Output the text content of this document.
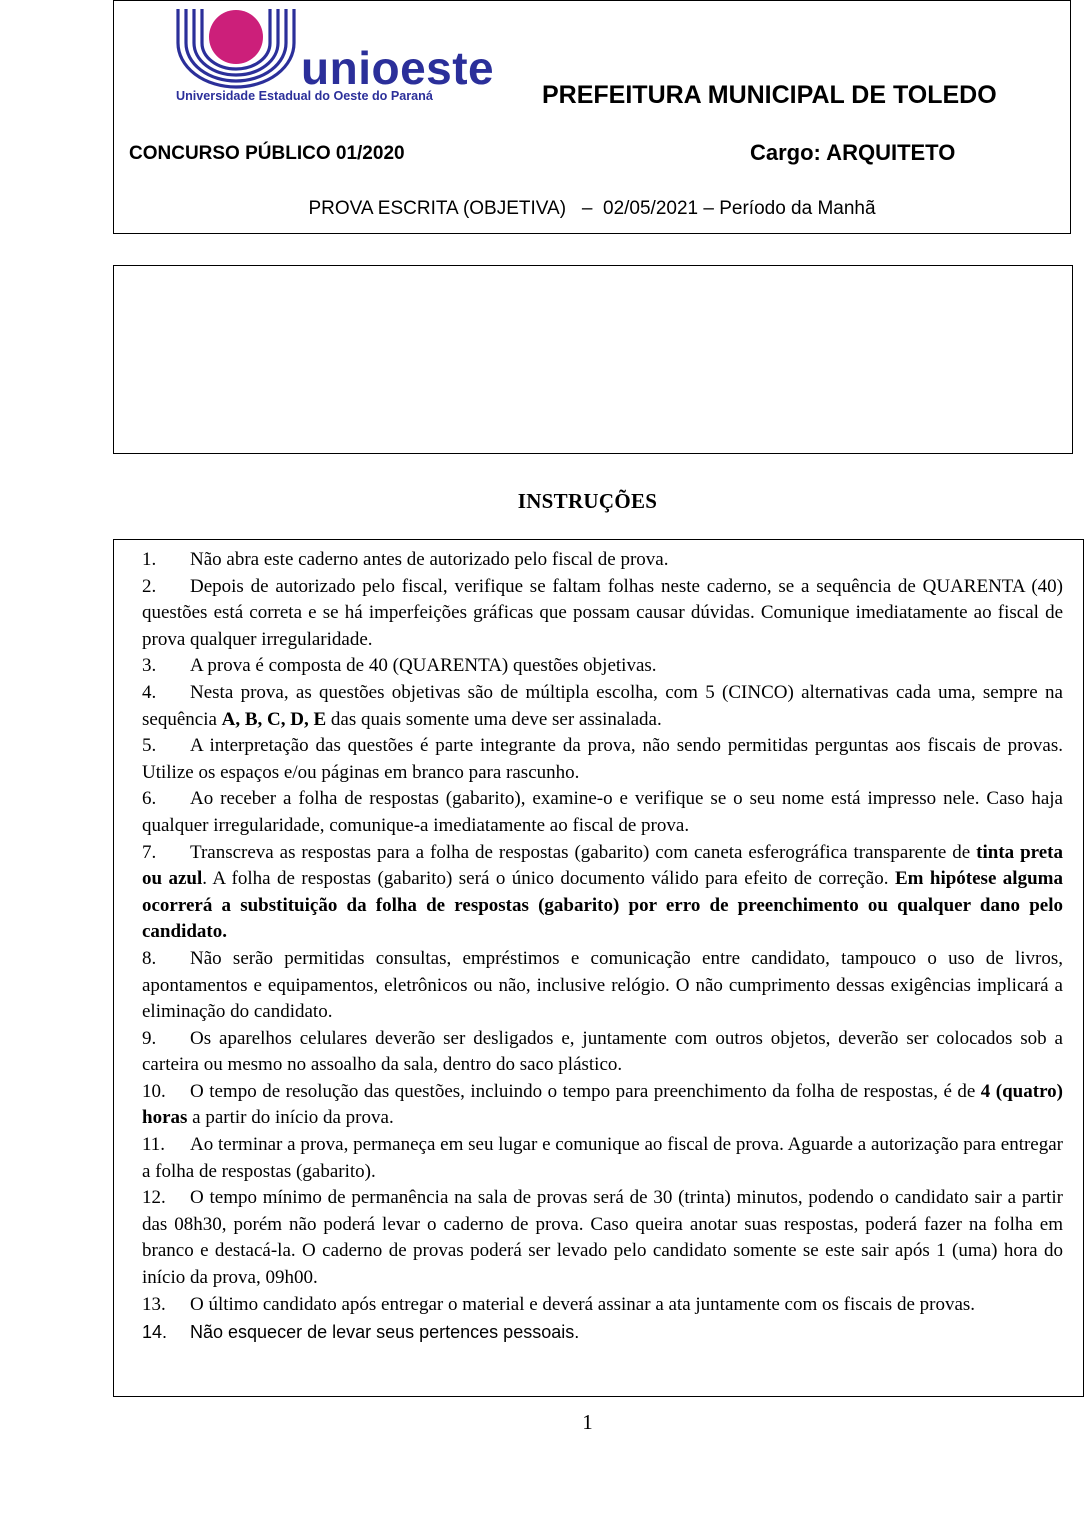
unioeste
Universidade Estadual do Oeste do Paraná	PREFEITURA MUNICIPAL DE TOLEDO
CONCURSO PÚBLICO 01/2020	Cargo: ARQUITETO
PROVA ESCRITA (OBJETIVA)   –  02/05/2021 – Período da Manhã
INSTRUÇÕES
1. Não abra este caderno antes de autorizado pelo fiscal de prova.
2. Depois de autorizado pelo fiscal, verifique se faltam folhas neste caderno, se a sequência de QUARENTA (40) questões está correta e se há imperfeições gráficas que possam causar dúvidas. Comunique imediatamente ao fiscal de prova qualquer irregularidade.
3. A prova é composta de 40 (QUARENTA) questões objetivas.
4. Nesta prova, as questões objetivas são de múltipla escolha, com 5 (CINCO) alternativas cada uma, sempre na sequência A, B, C, D, E das quais somente uma deve ser assinalada.
5. A interpretação das questões é parte integrante da prova, não sendo permitidas perguntas aos fiscais de provas. Utilize os espaços e/ou páginas em branco para rascunho.
6. Ao receber a folha de respostas (gabarito), examine-o e verifique se o seu nome está impresso nele. Caso haja qualquer irregularidade, comunique-a imediatamente ao fiscal de prova.
7. Transcreva as respostas para a folha de respostas (gabarito) com caneta esferográfica transparente de tinta preta ou azul. A folha de respostas (gabarito) será o único documento válido para efeito de correção. Em hipótese alguma ocorrerá a substituição da folha de respostas (gabarito) por erro de preenchimento ou qualquer dano pelo candidato.
8. Não serão permitidas consultas, empréstimos e comunicação entre candidato, tampouco o uso de livros, apontamentos e equipamentos, eletrônicos ou não, inclusive relógio. O não cumprimento dessas exigências implicará a eliminação do candidato.
9. Os aparelhos celulares deverão ser desligados e, juntamente com outros objetos, deverão ser colocados sob a carteira ou mesmo no assoalho da sala, dentro do saco plástico.
10. O tempo de resolução das questões, incluindo o tempo para preenchimento da folha de respostas, é de 4 (quatro) horas a partir do início da prova.
11. Ao terminar a prova, permaneça em seu lugar e comunique ao fiscal de prova. Aguarde a autorização para entregar a folha de respostas (gabarito).
12. O tempo mínimo de permanência na sala de provas será de 30 (trinta) minutos, podendo o candidato sair a partir das 08h30, porém não poderá levar o caderno de prova. Caso queira anotar suas respostas, poderá fazer na folha em branco e destacá-la. O caderno de provas poderá ser levado pelo candidato somente se este sair após 1 (uma) hora do início da prova, 09h00.
13. O último candidato após entregar o material e deverá assinar a ata juntamente com os fiscais de provas.
14. Não esquecer de levar seus pertences pessoais.
1
